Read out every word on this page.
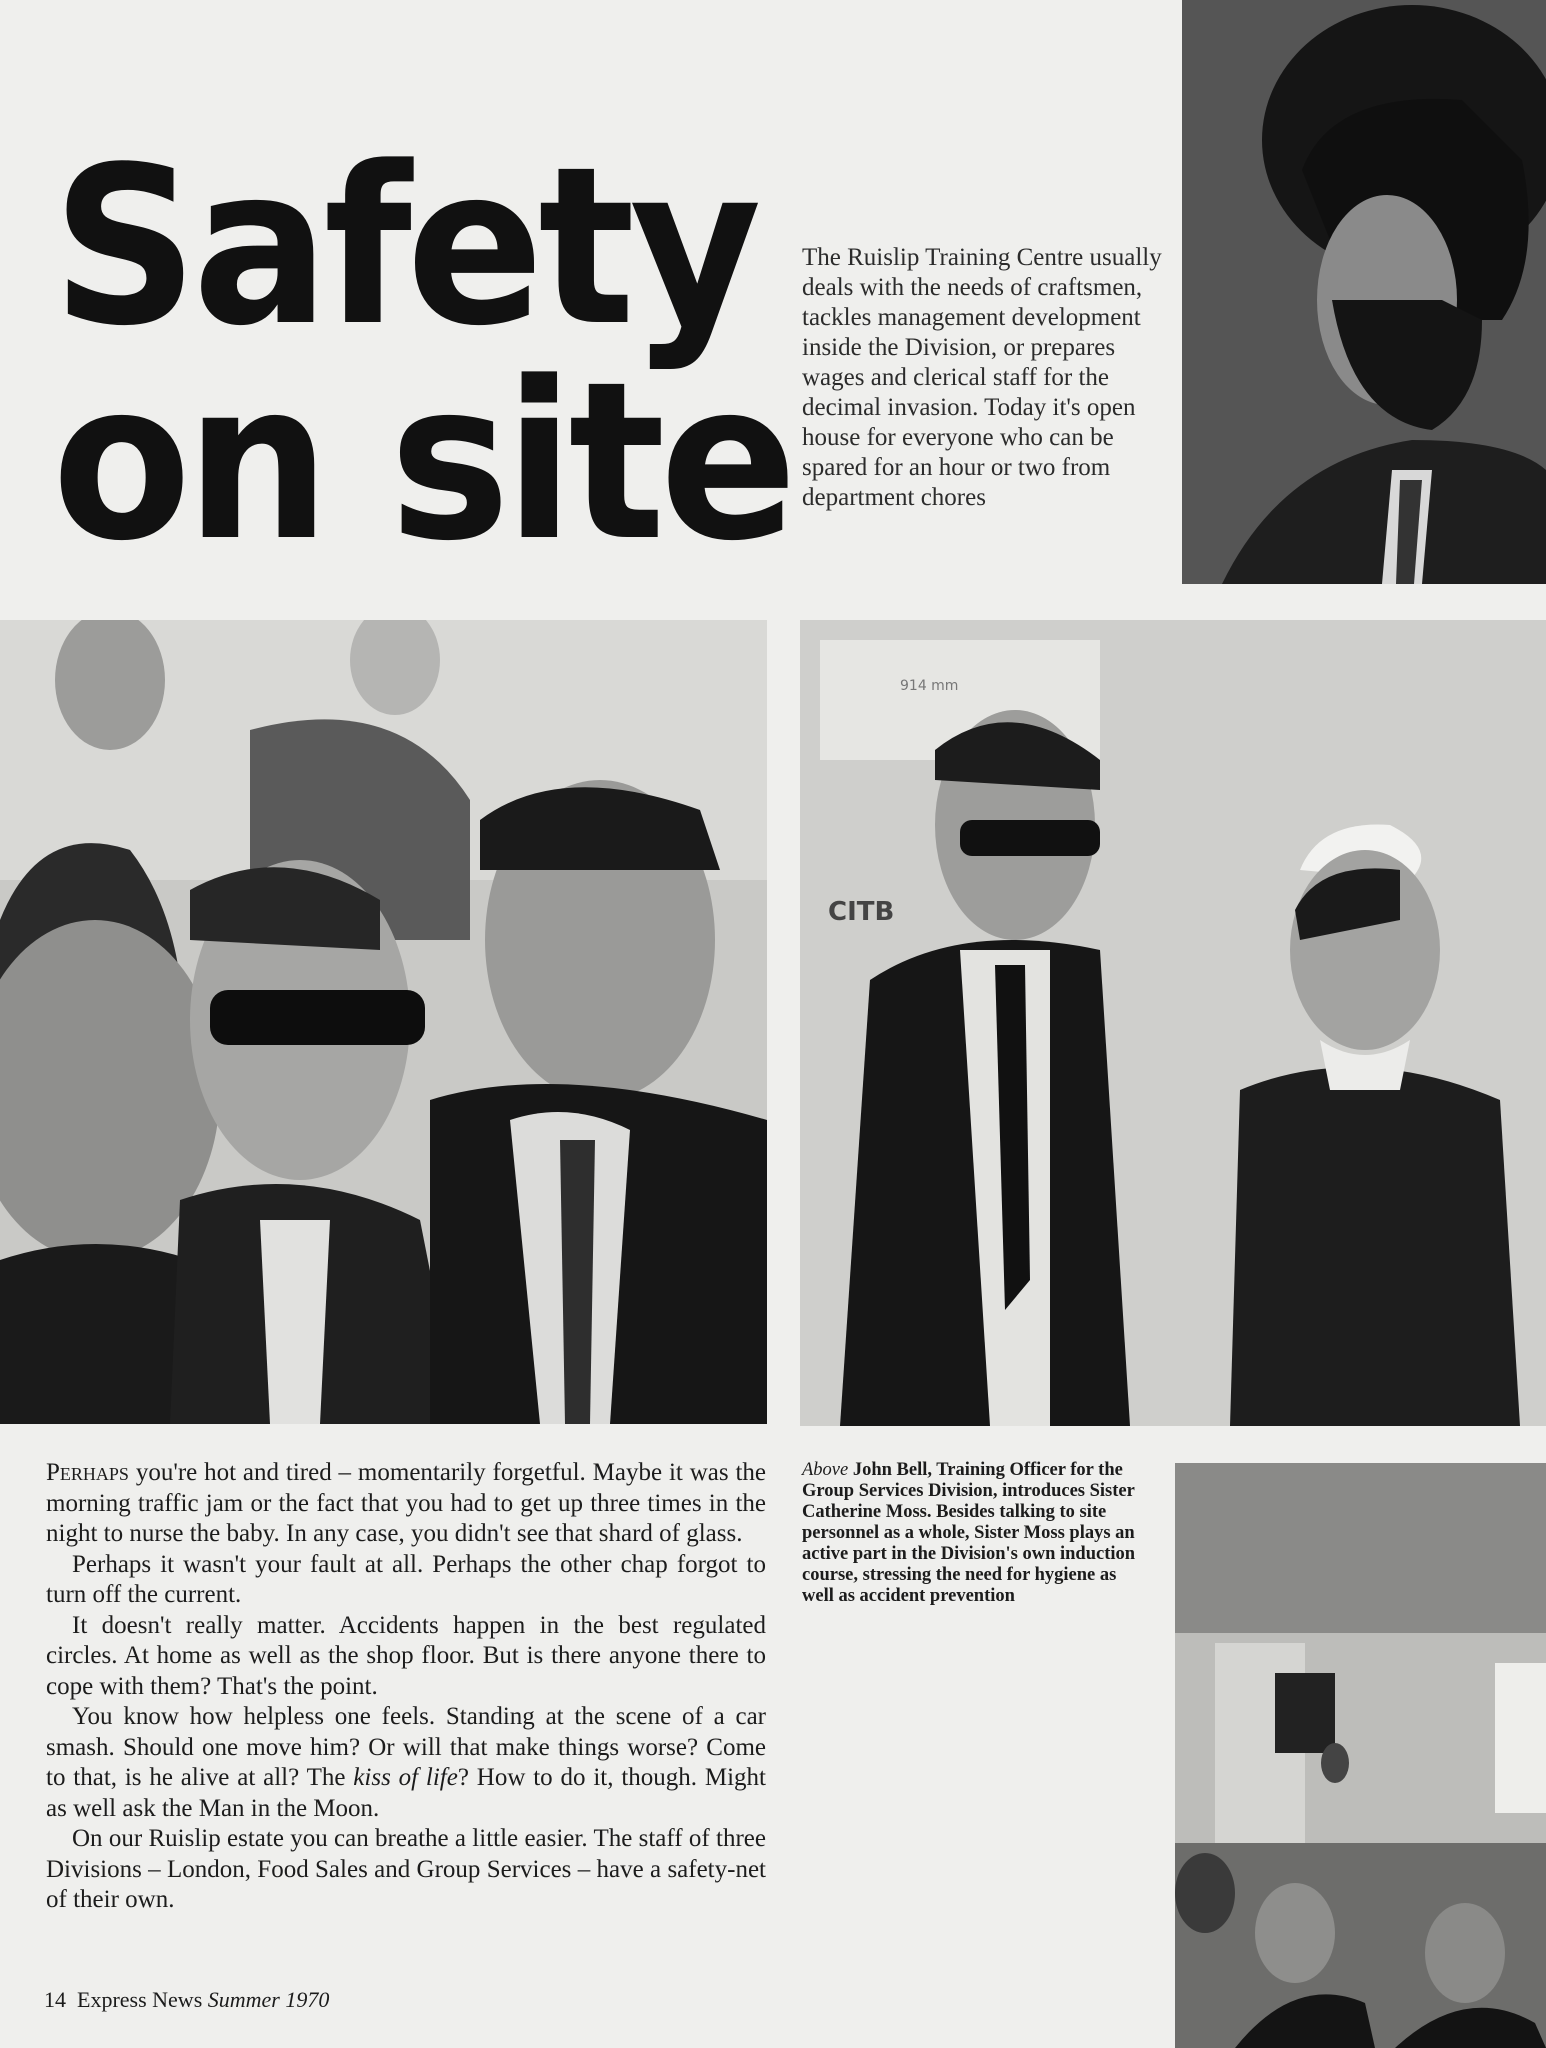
Safety
on site
The Ruislip Training Centre usually deals with the needs of craftsmen, tackles management development inside the Division, or prepares wages and clerical staff for the decimal invasion. Today it's open house for everyone who can be spared for an hour or two from department chores
914 mm
CITB
Above John Bell, Training Officer for the Group Services Division, introduces Sister Catherine Moss. Besides talking to site personnel as a whole, Sister Moss plays an active part in the Division's own induction course, stressing the need for hygiene as well as accident prevention

Perhaps you're hot and tired – momentarily forgetful. Maybe it was the morning traffic jam or the fact that you had to get up three times in the night to nurse the baby. In any case, you didn't see that shard of glass.

Perhaps it wasn't your fault at all. Perhaps the other chap forgot to turn off the current.

It doesn't really matter. Accidents happen in the best regulated circles. At home as well as the shop floor. But is there anyone there to cope with them? That's the point.

You know how helpless one feels. Standing at the scene of a car smash. Should one move him? Or will that make things worse? Come to that, is he alive at all? The kiss of life? How to do it, though. Might as well ask the Man in the Moon.

On our Ruislip estate you can breathe a little easier. The staff of three Divisions – London, Food Sales and Group Services – have a safety-net of their own.

14 Express News Summer 1970
